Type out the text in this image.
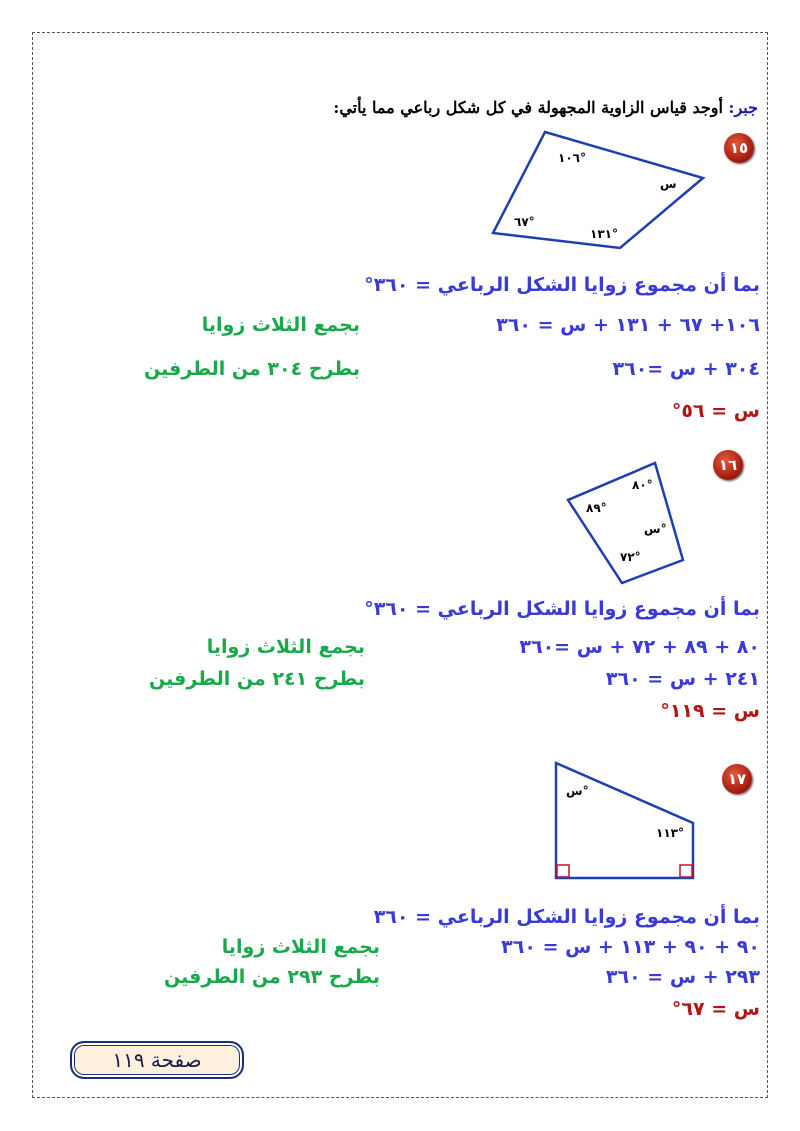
جبر: أوجد قياس الزاوية المجهولة في كل شكل رباعي مما يأتي:
١٥
١٠٦°
س
٦٧°
١٣١°
بما أن مجموع زوايا الشكل الرباعي = ٣٦٠°
١٠٦+ ٦٧ + ١٣١ + س = ٣٦٠
بجمع الثلاث زوايا
٣٠٤ + س =٣٦٠
بطرح ٣٠٤ من الطرفين
س = ٥٦°
١٦
٨٠°
٨٩°
س°
٧٢°
بما أن مجموع زوايا الشكل الرباعي = ٣٦٠°
٨٠ + ٨٩ + ٧٢ + س =٣٦٠
بجمع الثلاث زوايا
٢٤١ + س = ٣٦٠
بطرح ٢٤١ من الطرفين
س = ١١٩°
١٧
س°
١١٣°
بما أن مجموع زوايا الشكل الرباعي = ٣٦٠
٩٠ + ٩٠ + ١١٣ + س = ٣٦٠
بجمع الثلاث زوايا
٢٩٣ + س = ٣٦٠
بطرح ٢٩٣ من الطرفين
س = ٦٧°
صفحة ١١٩
